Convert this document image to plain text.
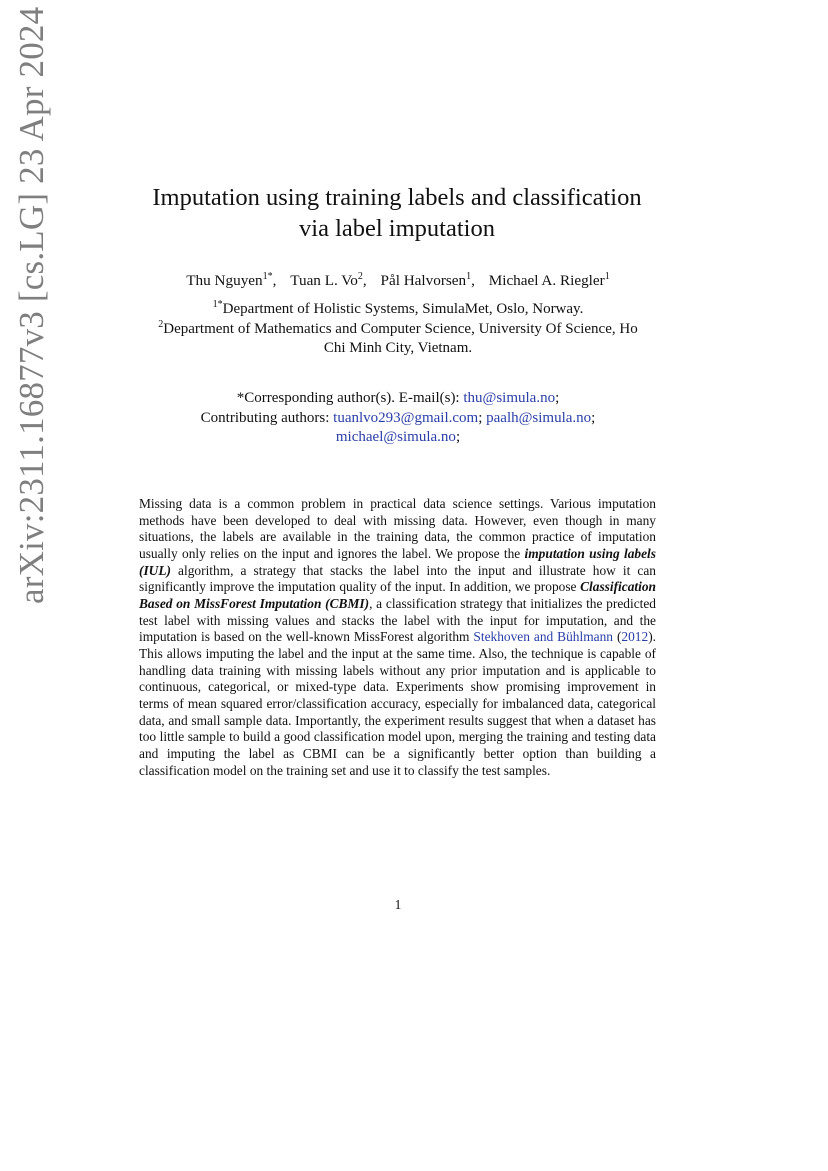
arXiv:2311.16877v3 [cs.LG] 23 Apr 2024	Imputation using training labels and classification
via label imputation
Thu Nguyen$^{1*}$, Tuan L. Vo$^2$, Pål Halvorsen$^1$, Michael A. Riegler$^1$
$^{1*}$Department of Holistic Systems, SimulaMet, Oslo, Norway.
$^2$Department of Mathematics and Computer Science, University Of Science, Ho Chi Minh City, Vietnam.
*Corresponding author(s). E-mail(s): thu@simula.no;
Contributing authors: tuanlvo293@gmail.com; paalh@simula.no;
michael@simula.no;
Missing data is a common problem in practical data science settings. Various imputation methods have been developed to deal with missing data. However, even though in many situations, the labels are available in the training data, the common practice of imputation usually only relies on the input and ignores the label. We propose the imputation using labels (IUL) algorithm, a strategy that stacks the label into the input and illustrate how it can significantly improve the imputation quality of the input. In addition, we propose Classification Based on MissForest Imputation (CBMI), a classification strategy that initializes the predicted test label with missing values and stacks the label with the input for imputation, and the imputation is based on the well-known MissForest algorithm Stekhoven and Bühlmann (2012). This allows imputing the label and the input at the same time. Also, the technique is capable of handling data training with missing labels without any prior imputation and is applicable to continuous, categorical, or mixed-type data. Experiments show promising improvement in terms of mean squared error/classification accuracy, especially for imbalanced data, categorical data, and small sample data. Importantly, the experiment results suggest that when a dataset has too little sample to build a good classification model upon, merging the training and testing data and imputing the label as CBMI can be a significantly better option than building a classification model on the training set and use it to classify the test samples.
1
